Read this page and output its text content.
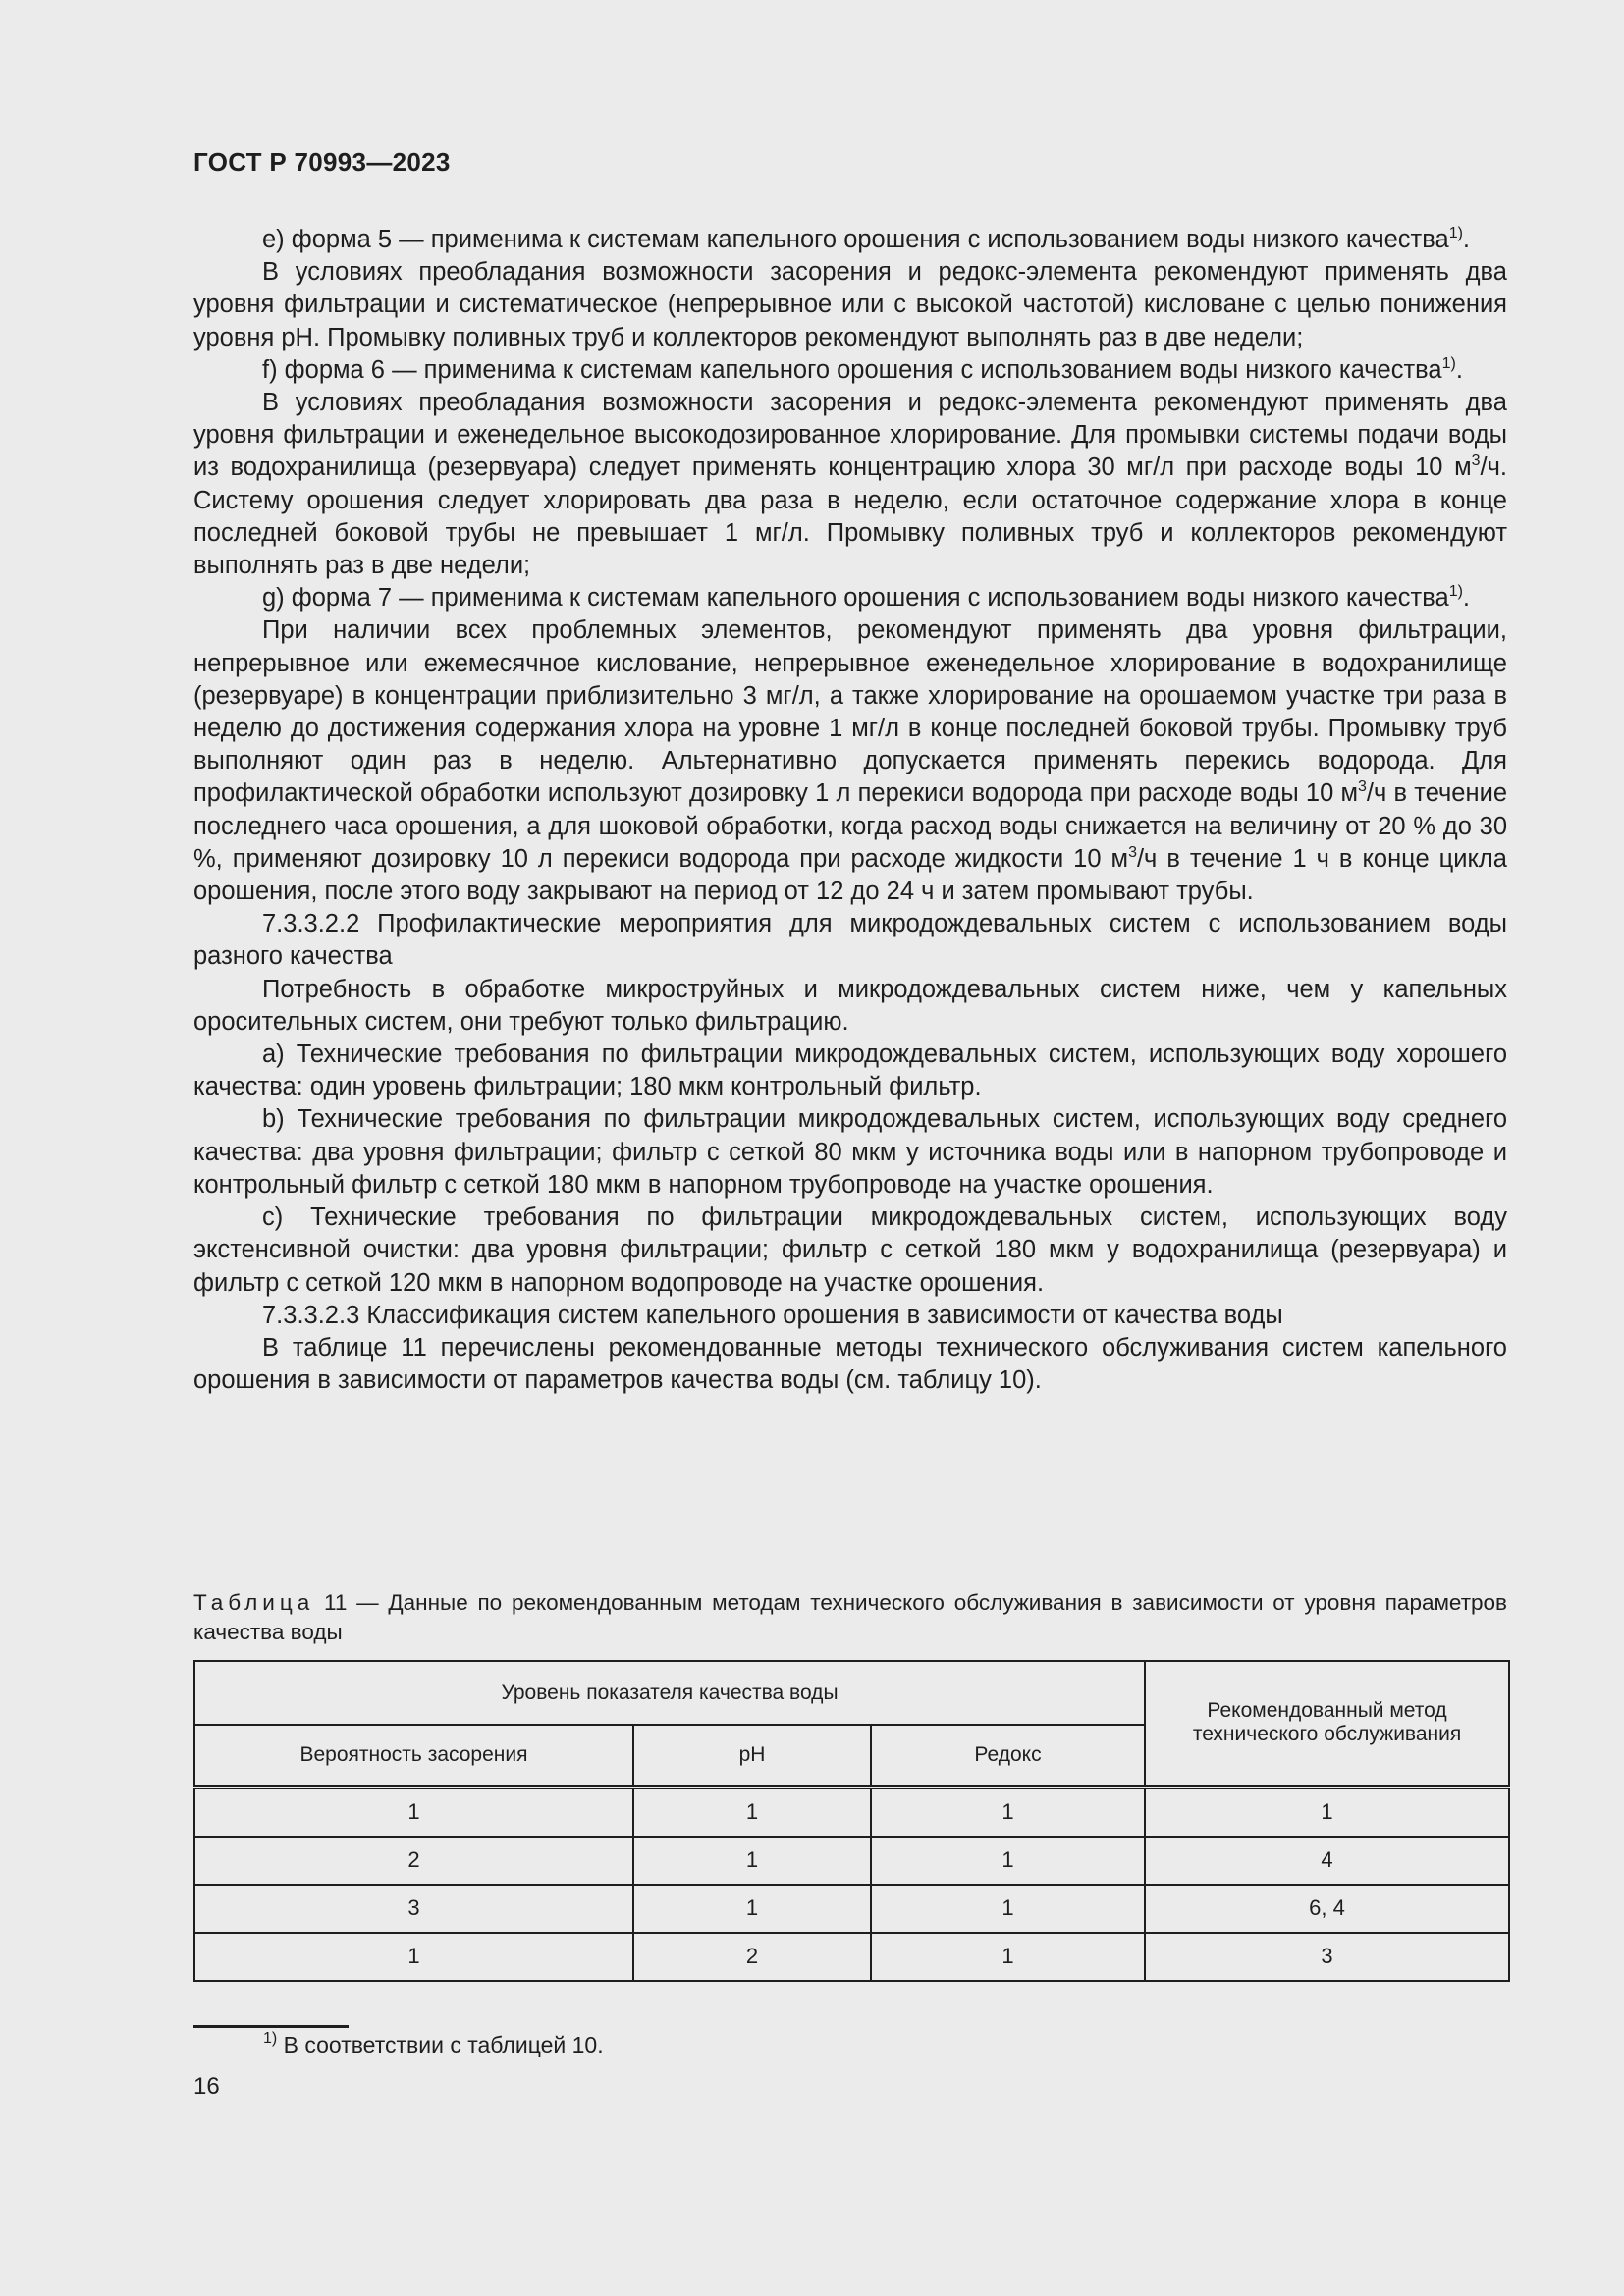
ГОСТ Р 70993—2023

е) форма 5 — применима к системам капельного орошения с использованием воды низкого качества$^{1)}$.

В условиях преобладания возможности засорения и редокс-элемента рекомендуют применять два уровня фильтрации и систематическое (непрерывное или с высокой частотой) кисловане с целью понижения уровня рН. Промывку поливных труб и коллекторов рекомендуют выполнять раз в две недели;

f) форма 6 — применима к системам капельного орошения с использованием воды низкого качества$^{1)}$.

В условиях преобладания возможности засорения и редокс-элемента рекомендуют применять два уровня фильтрации и еженедельное высокодозированное хлорирование. Для промывки системы подачи воды из водохранилища (резервуара) следует применять концентрацию хлора 30 мг/л при расходе воды 10 $м^3/ч$. Систему орошения следует хлорировать два раза в неделю, если остаточное содержание хлора в конце последней боковой трубы не превышает 1 мг/л. Промывку поливных труб и коллекторов рекомендуют выполнять раз в две недели;

g) форма 7 — применима к системам капельного орошения с использованием воды низкого качества$^{1)}$.

При наличии всех проблемных элементов, рекомендуют применять два уровня фильтрации, непрерывное или ежемесячное кислование, непрерывное еженедельное хлорирование в водохранилище (резервуаре) в концентрации приблизительно 3 мг/л, а также хлорирование на орошаемом участке три раза в неделю до достижения содержания хлора на уровне 1 мг/л в конце последней боковой трубы. Промывку труб выполняют один раз в неделю. Альтернативно допускается применять перекись водорода. Для профилактической обработки используют дозировку 1 л перекиси водорода при расходе воды 10 $м^3/ч$ в течение последнего часа орошения, а для шоковой обработки, когда расход воды снижается на величину от 20 % до 30 %, применяют дозировку 10 л перекиси водорода при расходе жидкости 10 $м^3/ч$ в течение 1 ч в конце цикла орошения, после этого воду закрывают на период от 12 до 24 ч и затем промывают трубы.

7.3.3.2.2 Профилактические мероприятия для микродождевальных систем с использованием воды разного качества

Потребность в обработке микроструйных и микродождевальных систем ниже, чем у капельных оросительных систем, они требуют только фильтрацию.

a) Технические требования по фильтрации микродождевальных систем, использующих воду хорошего качества: один уровень фильтрации; 180 мкм контрольный фильтр.

b) Технические требования по фильтрации микродождевальных систем, использующих воду среднего качества: два уровня фильтрации; фильтр с сеткой 80 мкм у источника воды или в напорном трубопроводе и контрольный фильтр с сеткой 180 мкм в напорном трубопроводе на участке орошения.

c) Технические требования по фильтрации микродождевальных систем, использующих воду экстенсивной очистки: два уровня фильтрации; фильтр с сеткой 180 мкм у водохранилища (резервуара) и фильтр с сеткой 120 мкм в напорном водопроводе на участке орошения.

7.3.3.2.3 Классификация систем капельного орошения в зависимости от качества воды

В таблице 11 перечислены рекомендованные методы технического обслуживания систем капельного орошения в зависимости от параметров качества воды (см. таблицу 10).

Таблица 11 — Данные по рекомендованным методам технического обслуживания в зависимости от уровня параметров качества воды
Уровень показателя качества воды			Рекомендованный метод технического обслуживания
Вероятность засорения	pH	Редокс	
1	1	1	1
2	1	1	4
3	1	1	6, 4
1	2	1	3
$^{1)}$ В соответствии с таблицей 10.
16
